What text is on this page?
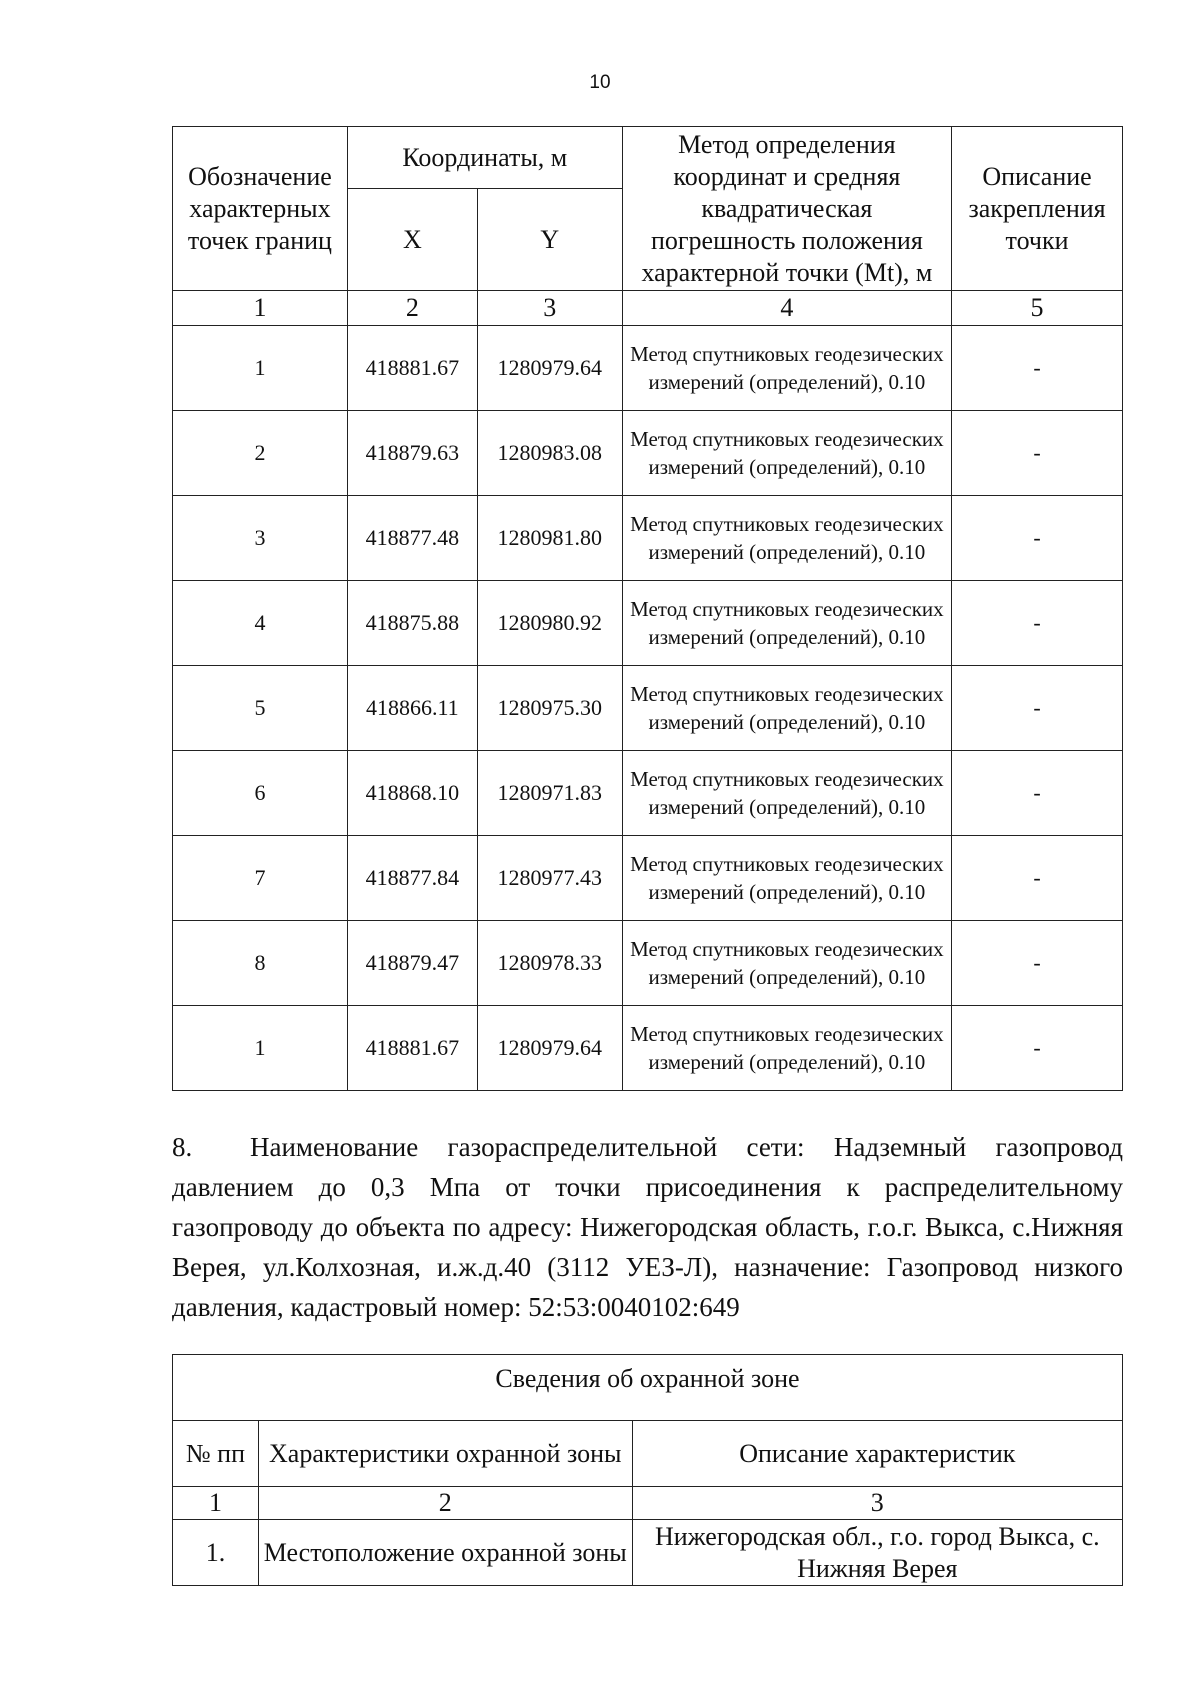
10
Обозначение характерных точек границ	Координаты, м		Метод определения координат и средняя квадратическая погрешность положения характерной точки (Mt), м	Описание закрепления точки
	X	Y		
1	2	3	4	5
1	418881.67	1280979.64	Метод спутниковых геодезических измерений (определений), 0.10	-
2	418879.63	1280983.08	Метод спутниковых геодезических измерений (определений), 0.10	-
3	418877.48	1280981.80	Метод спутниковых геодезических измерений (определений), 0.10	-
4	418875.88	1280980.92	Метод спутниковых геодезических измерений (определений), 0.10	-
5	418866.11	1280975.30	Метод спутниковых геодезических измерений (определений), 0.10	-
6	418868.10	1280971.83	Метод спутниковых геодезических измерений (определений), 0.10	-
7	418877.84	1280977.43	Метод спутниковых геодезических измерений (определений), 0.10	-
8	418879.47	1280978.33	Метод спутниковых геодезических измерений (определений), 0.10	-
1	418881.67	1280979.64	Метод спутниковых геодезических измерений (определений), 0.10	-
8. Наименование газораспределительной сети: Надземный газопровод давлением до 0,3 Мпа от точки присоединения к распределительному газопроводу до объекта по адресу: Нижегородская область, г.о.г. Выкса, с.Нижняя Верея, ул.Колхозная, и.ж.д.40 (3112 УЕЗ-Л), назначение: Газопровод низкого давления, кадастровый номер: 52:53:0040102:649
Сведения об охранной зоне		
№ пп	Характеристики охранной зоны	Описание характеристик
1	2	3
1.	Местоположение охранной зоны	Нижегородская обл., г.о. город Выкса, с. Нижняя Верея
